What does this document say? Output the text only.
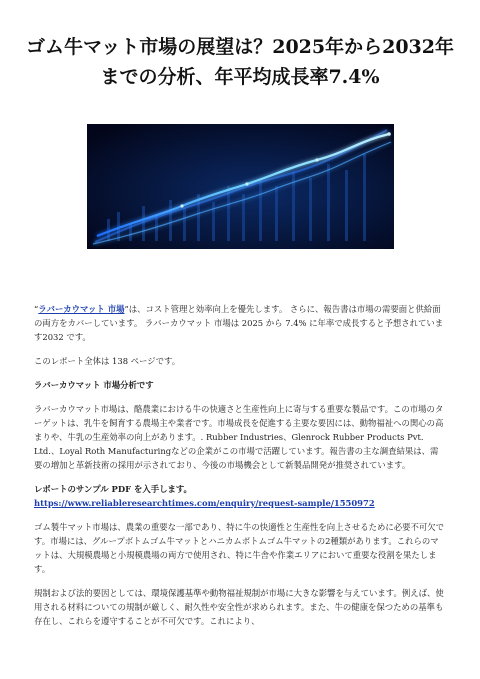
ゴム牛マット市場の展望は？2025年から2032年
までの分析、年平均成長率7.4%

“ラバーカウマット 市場”は、コスト管理と効率向上を優先します。 さらに、報告書は市場の需要面と供給面の両方をカバーしています。 ラバーカウマット 市場は 2025 から 7.4% に年率で成長すると予想されています2032 です。

このレポート全体は 138 ページです。

ラバーカウマット 市場分析です

ラバーカウマット市場は、酪農業における牛の快適さと生産性向上に寄与する重要な製品です。この市場のターゲットは、乳牛を飼育する農場主や業者です。市場成長を促進する主要な要因には、動物福祉への関心の高まりや、牛乳の生産効率の向上があります。. Rubber Industries、Glenrock Rubber Products Pvt. Ltd.、Loyal Roth Manufacturingなどの企業がこの市場で活躍しています。報告書の主な調査結果は、需要の増加と革新技術の採用が示されており、今後の市場機会として新製品開発が推奨されています。

レポートのサンプル PDF を入手します。 https://www.reliableresearchtimes.com/enquiry/request-sample/1550972

ゴム製牛マット市場は、農業の重要な一部であり、特に牛の快適性と生産性を向上させるために必要不可欠です。市場には、グループボトムゴム牛マットとハニカムボトムゴム牛マットの2種類があります。これらのマットは、大規模農場と小規模農場の両方で使用され、特に牛舎や作業エリアにおいて重要な役割を果たします。

規制および法的要因としては、環境保護基準や動物福祉規制が市場に大きな影響を与えています。例えば、使用される材料についての規制が厳しく、耐久性や安全性が求められます。また、牛の健康を保つための基準も存在し、これらを遵守することが不可欠です。これにより、
